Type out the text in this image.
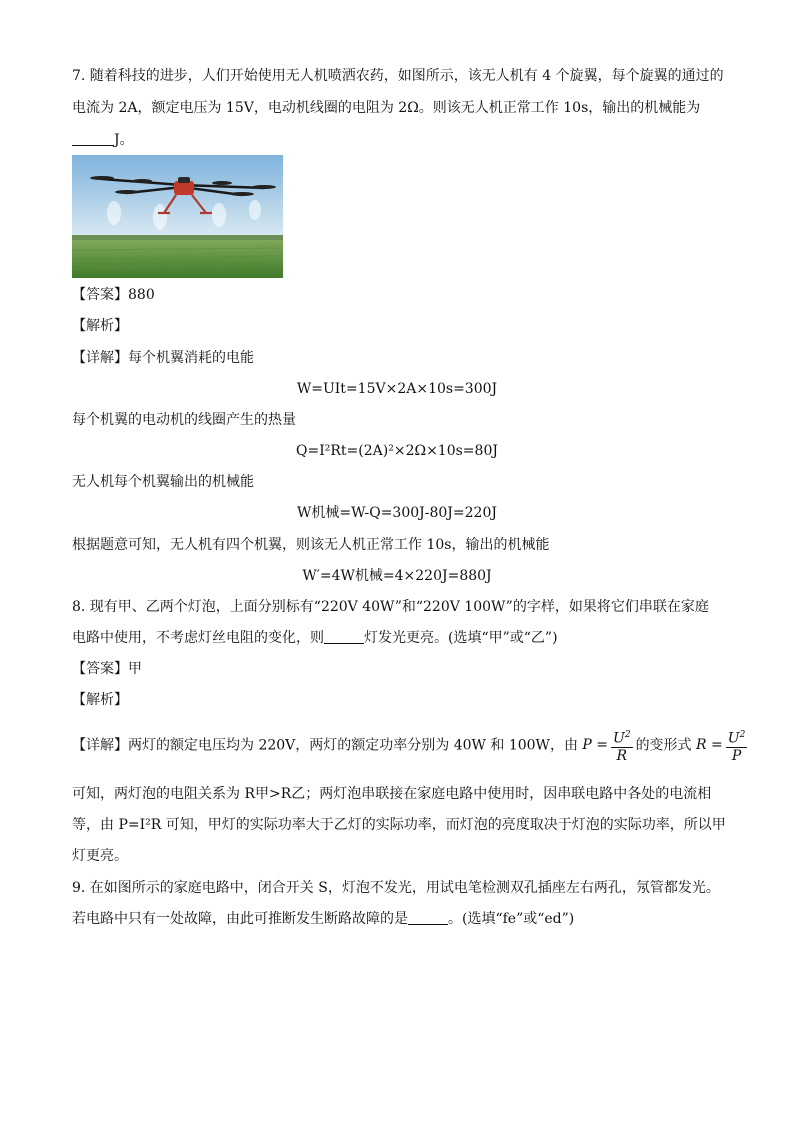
7. 随着科技的进步，人们开始使用无人机喷洒农药，如图所示，该无人机有 4 个旋翼，每个旋翼的通过的
电流为 2A，额定电压为 15V，电动机线圈的电阻为 2Ω。则该无人机正常工作 10s，输出的机械能为
J。
【答案】880
【解析】
【详解】每个机翼消耗的电能
W=UIt=15V×2A×10s=300J
每个机翼的电动机的线圈产生的热量
Q=I²Rt=(2A)²×2Ω×10s=80J
无人机每个机翼输出的机械能
W机械=W-Q=300J-80J=220J
根据题意可知，无人机有四个机翼，则该无人机正常工作 10s，输出的机械能
W′=4W机械=4×220J=880J
8. 现有甲、乙两个灯泡，上面分别标有“220V 40W”和“220V 100W”的字样，如果将它们串联在家庭
电路中使用，不考虑灯丝电阻的变化，则	灯发光更亮。(选填“甲”或“乙”)
【答案】甲
【解析】
【详解】两灯的额定电压均为 220V，两灯的额定功率分别为 40W 和 100W，由 $P = \frac{U^2}{R}$ 的变形式 $R = \frac{U^2}{P}$
可知，两灯泡的电阻关系为 R甲>R乙；两灯泡串联接在家庭电路中使用时，因串联电路中各处的电流相
等，由 P=I²R 可知，甲灯的实际功率大于乙灯的实际功率，而灯泡的亮度取决于灯泡的实际功率，所以甲
灯更亮。
9. 在如图所示的家庭电路中，闭合开关 S，灯泡不发光，用试电笔检测双孔插座左右两孔，氖管都发光。
若电路中只有一处故障，由此可推断发生断路故障的是	。(选填“fe”或“ed”)
